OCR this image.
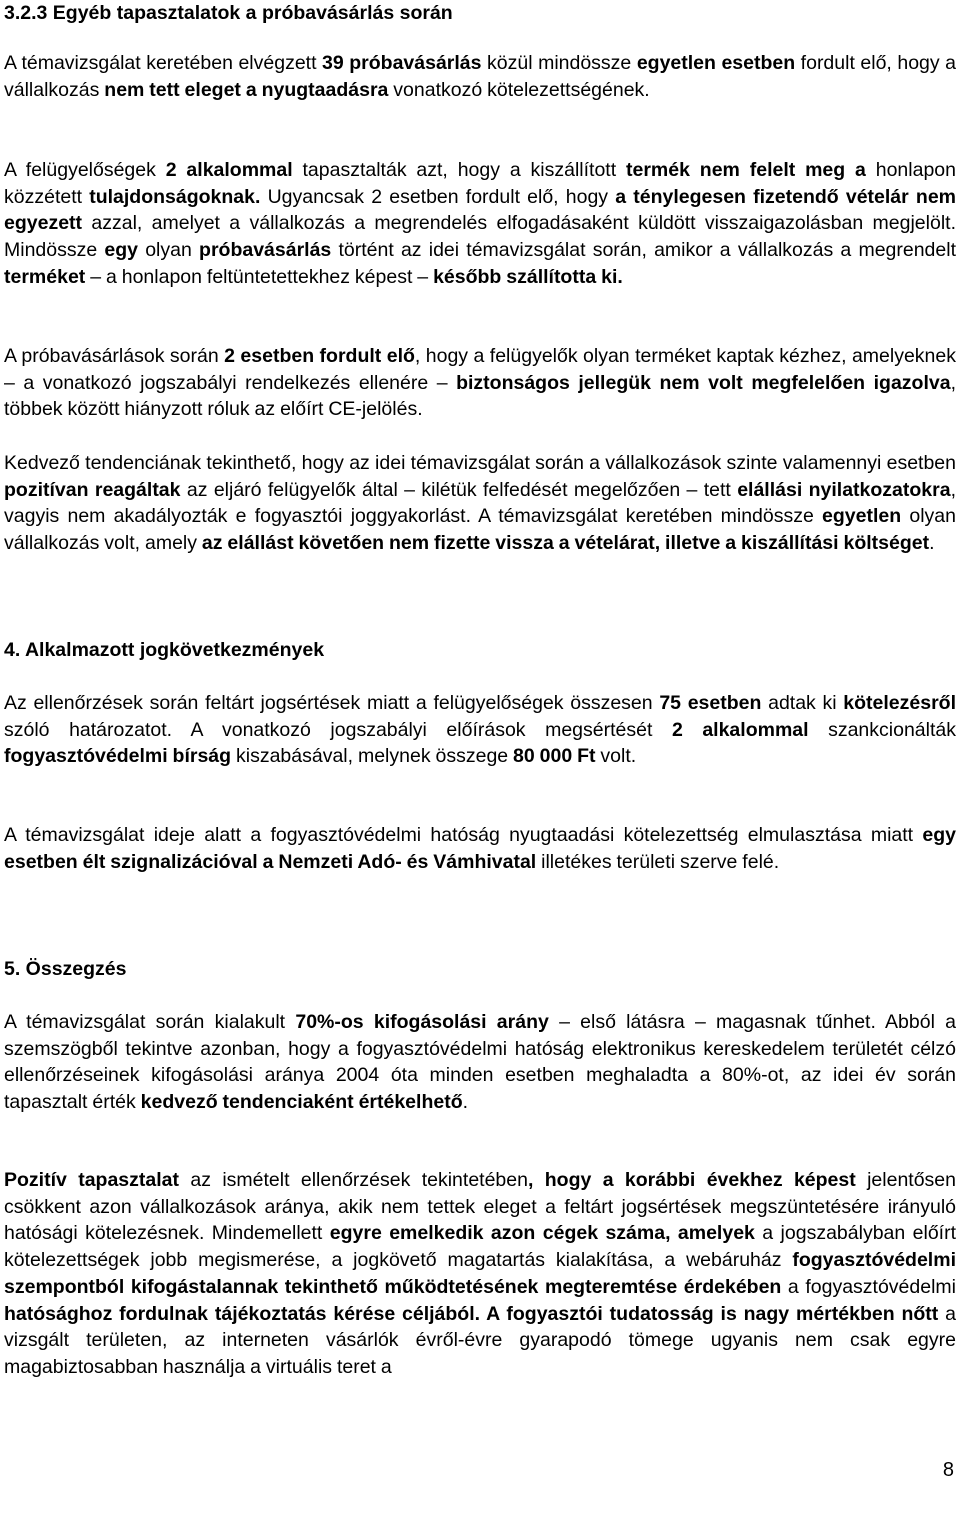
3.2.3 Egyéb tapasztalatok a próbavásárlás során

A témavizsgálat keretében elvégzett 39 próbavásárlás közül mindössze egyetlen esetben fordult elő, hogy a vállalkozás nem tett eleget a nyugtaadásra vonatkozó kötelezettségének.

A felügyelőségek 2 alkalommal tapasztalták azt, hogy a kiszállított termék nem felelt meg a honlapon közzétett tulajdonságoknak. Ugyancsak 2 esetben fordult elő, hogy a ténylegesen fizetendő vételár nem egyezett azzal, amelyet a vállalkozás a megrendelés elfogadásaként küldött visszaigazolásban megjelölt. Mindössze egy olyan próbavásárlás történt az idei témavizsgálat során, amikor a vállalkozás a megrendelt terméket – a honlapon feltüntetettekhez képest – később szállította ki.

A próbavásárlások során 2 esetben fordult elő, hogy a felügyelők olyan terméket kaptak kézhez, amelyeknek – a vonatkozó jogszabályi rendelkezés ellenére – biztonságos jellegük nem volt megfelelően igazolva, többek között hiányzott róluk az előírt CE-jelölés.

Kedvező tendenciának tekinthető, hogy az idei témavizsgálat során a vállalkozások szinte valamennyi esetben pozitívan reagáltak az eljáró felügyelők által – kilétük felfedését megelőzően – tett elállási nyilatkozatokra, vagyis nem akadályozták e fogyasztói joggyakorlást. A témavizsgálat keretében mindössze egyetlen olyan vállalkozás volt, amely az elállást követően nem fizette vissza a vételárat, illetve a kiszállítási költséget.

4. Alkalmazott jogkövetkezmények

Az ellenőrzések során feltárt jogsértések miatt a felügyelőségek összesen 75 esetben adtak ki kötelezésről szóló határozatot. A vonatkozó jogszabályi előírások megsértését 2 alkalommal szankcionálták fogyasztóvédelmi bírság kiszabásával, melynek összege 80 000 Ft volt.

A témavizsgálat ideje alatt a fogyasztóvédelmi hatóság nyugtaadási kötelezettség elmulasztása miatt egy esetben élt szignalizációval a Nemzeti Adó- és Vámhivatal illetékes területi szerve felé.

5. Összegzés

A témavizsgálat során kialakult 70%-os kifogásolási arány – első látásra – magasnak tűnhet. Abból a szemszögből tekintve azonban, hogy a fogyasztóvédelmi hatóság elektronikus kereskedelem területét célzó ellenőrzéseinek kifogásolási aránya 2004 óta minden esetben meghaladta a 80%-ot, az idei év során tapasztalt érték kedvező tendenciaként értékelhető.

Pozitív tapasztalat az ismételt ellenőrzések tekintetében, hogy a korábbi évekhez képest jelentősen csökkent azon vállalkozások aránya, akik nem tettek eleget a feltárt jogsértések megszüntetésére irányuló hatósági kötelezésnek. Mindemellett egyre emelkedik azon cégek száma, amelyek a jogszabályban előírt kötelezettségek jobb megismerése, a jogkövető magatartás kialakítása, a webáruház fogyasztóvédelmi szempontból kifogástalannak tekinthető működtetésének megteremtése érdekében a fogyasztóvédelmi hatósághoz fordulnak tájékoztatás kérése céljából. A fogyasztói tudatosság is nagy mértékben nőtt a vizsgált területen, az interneten vásárlók évről-évre gyarapodó tömege ugyanis nem csak egyre magabiztosabban használja a virtuális teret a

8
